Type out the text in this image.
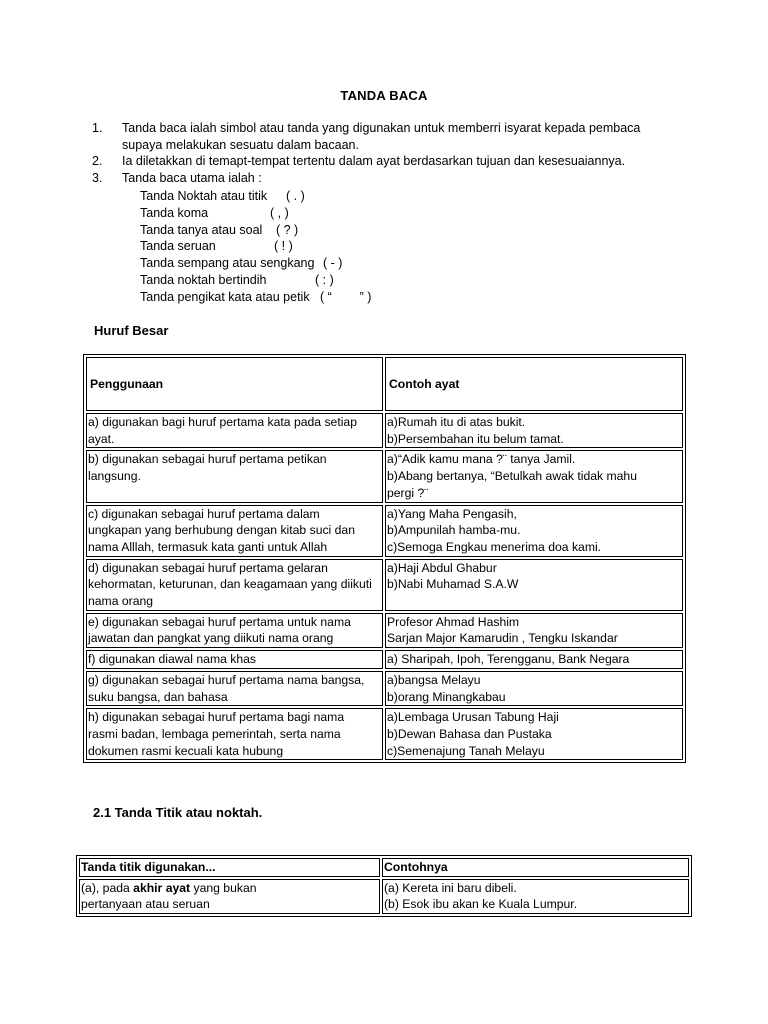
TANDA BACA
1.	Tanda baca ialah simbol atau tanda yang digunakan untuk memberri isyarat kepada pembaca
supaya melakukan sesuatu dalam bacaan.
2.	Ia diletakkan di temapt-tempat tertentu dalam ayat berdasarkan tujuan dan kesesuaiannya.
3.	Tanda baca utama ialah :
Tanda Noktah atau titik	( . )
Tanda koma	( , )
Tanda tanya atau soal	( ? )
Tanda seruan	( ! )
Tanda sempang atau sengkang ( - )
Tanda noktah bertindih	( : )
Tanda pengikat kata atau petik ( “        ” )
Huruf Besar
Penggunaan	Contoh ayat

a) digunakan bagi huruf pertama kata pada setiap
ayat.	a)Rumah itu di atas bukit.
b)Persembahan itu belum tamat.

b) digunakan sebagai huruf pertama petikan
langsung.	a)“Adik kamu mana ?¨ tanya Jamil.
b)Abang bertanya, “Betulkah awak tidak mahu
pergi ?¨

c) digunakan sebagai huruf pertama dalam
ungkapan yang berhubung dengan kitab suci dan
nama Alllah, termasuk kata ganti untuk Allah	a)Yang Maha Pengasih,
b)Ampunilah hamba-mu.
c)Semoga Engkau menerima doa kami.

d) digunakan sebagai huruf pertama gelaran
kehormatan, keturunan, dan keagamaan yang diikuti
nama orang	a)Haji Abdul Ghabur
b)Nabi Muhamad S.A.W

e) digunakan sebagai huruf pertama untuk nama
jawatan dan pangkat yang diikuti nama orang	Profesor Ahmad Hashim
Sarjan Major Kamarudin , Tengku Iskandar

f) digunakan diawal nama khas	a) Sharipah, Ipoh, Terengganu, Bank Negara

g) digunakan sebagai huruf pertama nama bangsa,
suku bangsa, dan bahasa	a)bangsa Melayu
b)orang Minangkabau

h) digunakan sebagai huruf pertama bagi nama
rasmi badan, lembaga pemerintah, serta nama
dokumen rasmi kecuali kata hubung	a)Lembaga Urusan Tabung Haji
b)Dewan Bahasa dan Pustaka
c)Semenajung Tanah Melayu
2.1 Tanda Titik atau noktah.
Tanda titik digunakan...	Contohnya

(a), pada akhir ayat yang bukan
pertanyaan atau seruan	(a) Kereta ini baru dibeli.
(b) Esok ibu akan ke Kuala Lumpur.
